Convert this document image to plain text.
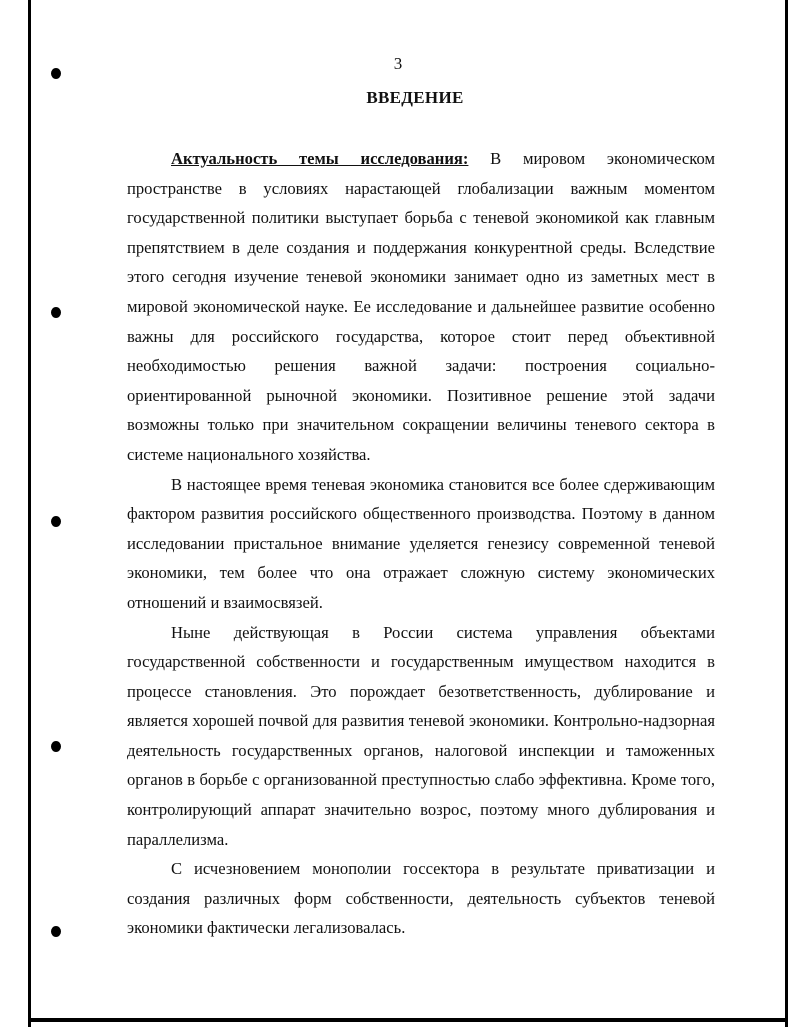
3
ВВЕДЕНИЕ

Актуальность темы исследования: В мировом экономическом пространстве в условиях нарастающей глобализации важным моментом государственной политики выступает борьба с теневой экономикой как главным препятствием в деле создания и поддержания конкурентной среды. Вследствие этого сегодня изучение теневой экономики занимает одно из заметных мест в мировой экономической науке. Ее исследование и дальнейшее развитие особенно важны для российского государства, которое стоит перед объективной необходимостью решения важной задачи: построения социально-ориентированной рыночной экономики. Позитивное решение этой задачи возможны только при значительном сокращении величины теневого сектора в системе национального хозяйства.

В настоящее время теневая экономика становится все более сдерживающим фактором развития российского общественного производства. Поэтому в данном исследовании пристальное внимание уделяется генезису современной теневой экономики, тем более что она отражает сложную систему экономических отношений и взаимосвязей.

Ныне действующая в России система управления объектами государственной собственности и государственным имуществом находится в процессе становления. Это порождает безответственность, дублирование и является хорошей почвой для развития теневой экономики. Контрольно-надзорная деятельность государственных органов, налоговой инспекции и таможенных органов в борьбе с организованной преступностью слабо эффективна. Кроме того, контролирующий аппарат значительно возрос, поэтому много дублирования и параллелизма.

С исчезновением монополии госсектора в результате приватизации и создания различных форм собственности, деятельность субъектов теневой экономики фактически легализовалась.
